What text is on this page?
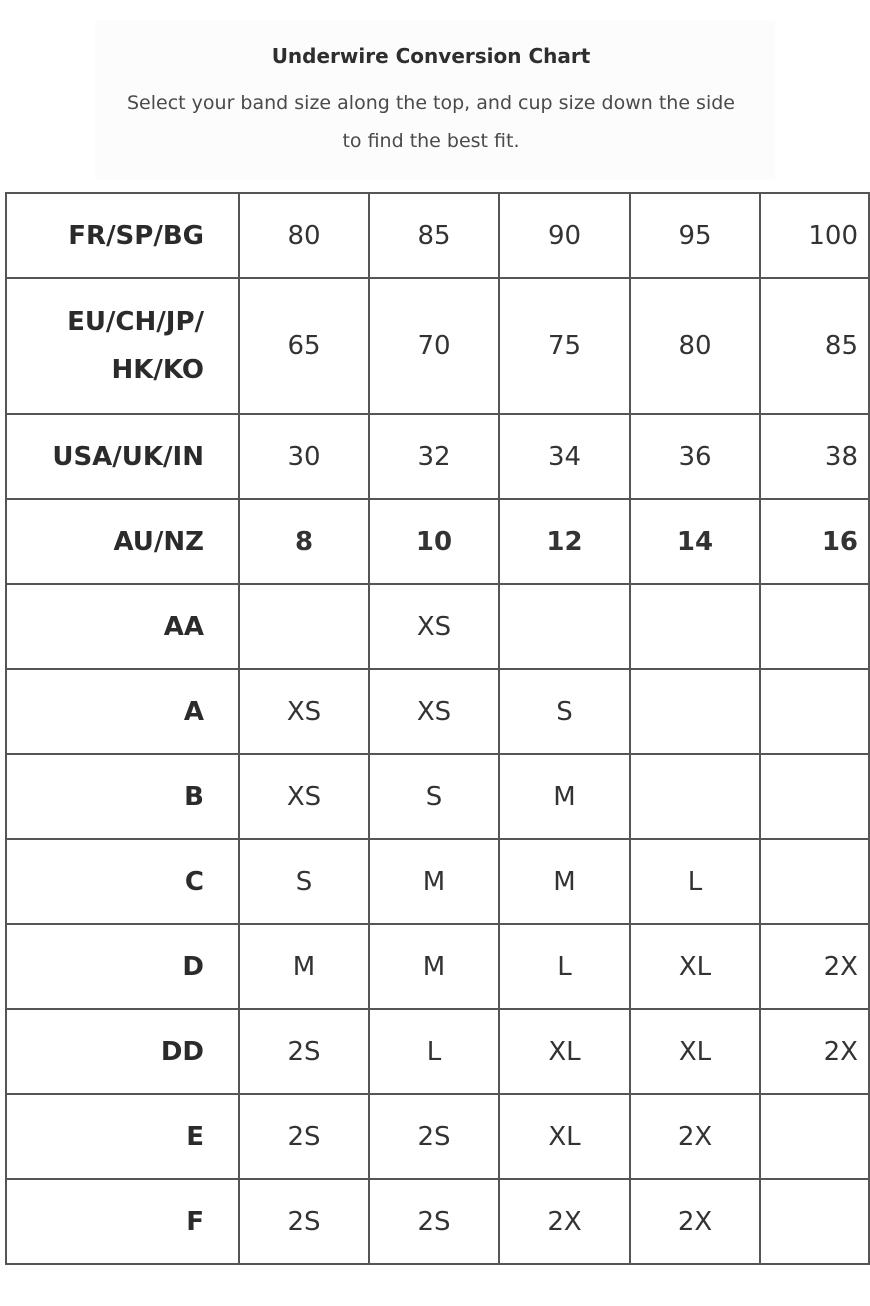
Underwire Conversion Chart
Select your band size along the top, and cup size down the side
to find the best fit.
FR/SP/BG	80	85	90	95	100
EU/CH/JP/
HK/KO	65	70	75	80	85
USA/UK/IN	30	32	34	36	38
AU/NZ	8	10	12	14	16
AA		XS			
A	XS	XS	S		
B	XS	S	M		
C	S	M	M	L	
D	M	M	L	XL	2X
DD	2S	L	XL	XL	2X
E	2S	2S	XL	2X	
F	2S	2S	2X	2X	
